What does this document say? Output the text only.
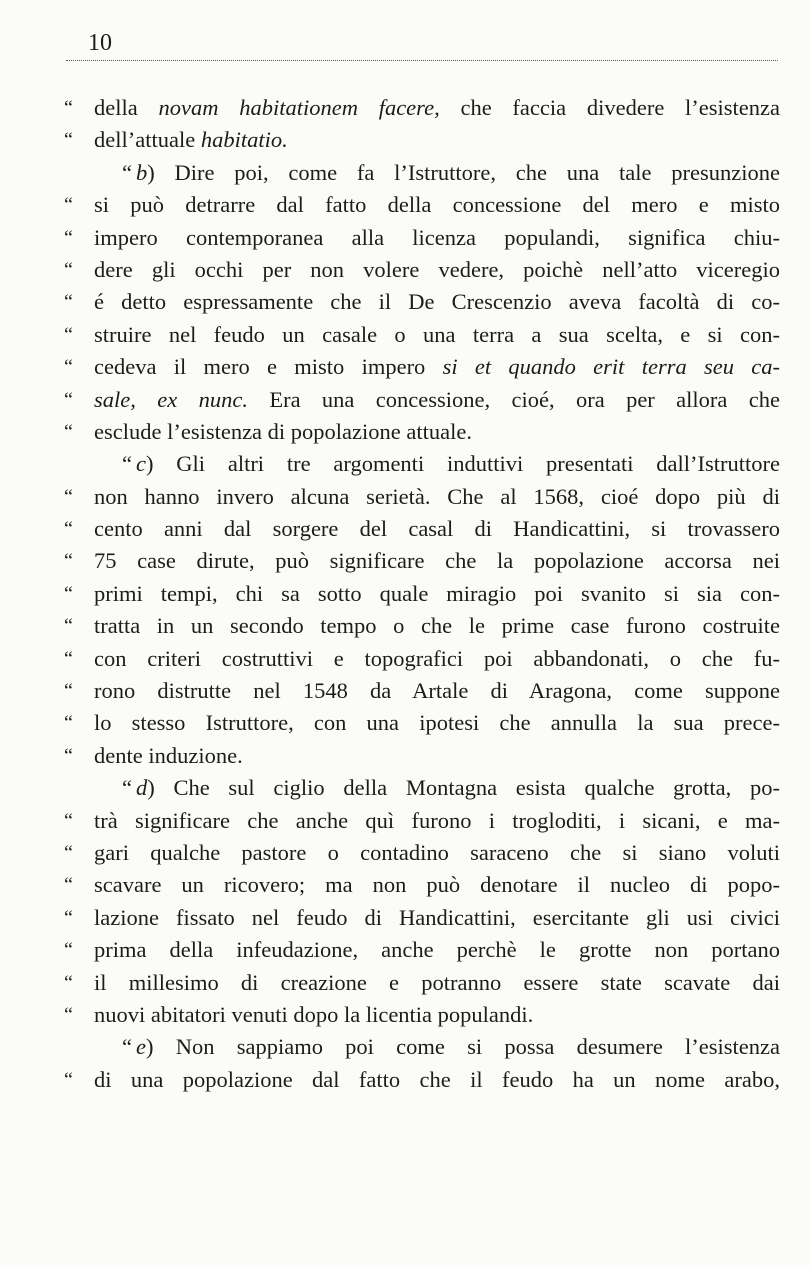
10
“ della novam habitationem facere, che faccia divedere l’esistenza
“ dell’attuale habitatio.
“ b) Dire poi, come fa l’Istruttore, che una tale presunzione
“ si può detrarre dal fatto della concessione del mero e misto
“ impero contemporanea alla licenza populandi, significa chiu-
“ dere gli occhi per non volere vedere, poichè nell’atto viceregio
“ é detto espressamente che il De Crescenzio aveva facoltà di co-
“ struire nel feudo un casale o una terra a sua scelta, e si con-
“ cedeva il mero e misto impero si et quando erit terra seu ca-
“ sale, ex nunc. Era una concessione, cioé, ora per allora che
“ esclude l’esistenza di popolazione attuale.
“ c) Gli altri tre argomenti induttivi presentati dall’Istruttore
“ non hanno invero alcuna serietà. Che al 1568, cioé dopo più di
“ cento anni dal sorgere del casal di Handicattini, si trovassero
“ 75 case dirute, può significare che la popolazione accorsa nei
“ primi tempi, chi sa sotto quale miragio poi svanito si sia con-
“ tratta in un secondo tempo o che le prime case furono costruite
“ con criteri costruttivi e topografici poi abbandonati, o che fu-
“ rono distrutte nel 1548 da Artale di Aragona, come suppone
“ lo stesso Istruttore, con una ipotesi che annulla la sua prece-
“ dente induzione.
“ d) Che sul ciglio della Montagna esista qualche grotta, po-
“ trà significare che anche quì furono i trogloditi, i sicani, e ma-
“ gari qualche pastore o contadino saraceno che si siano voluti
“ scavare un ricovero; ma non può denotare il nucleo di popo-
“ lazione fissato nel feudo di Handicattini, esercitante gli usi civici
“ prima della infeudazione, anche perchè le grotte non portano
“ il millesimo di creazione e potranno essere state scavate dai
“ nuovi abitatori venuti dopo la licentia populandi.
“ e) Non sappiamo poi come si possa desumere l’esistenza
“ di una popolazione dal fatto che il feudo ha un nome arabo,
